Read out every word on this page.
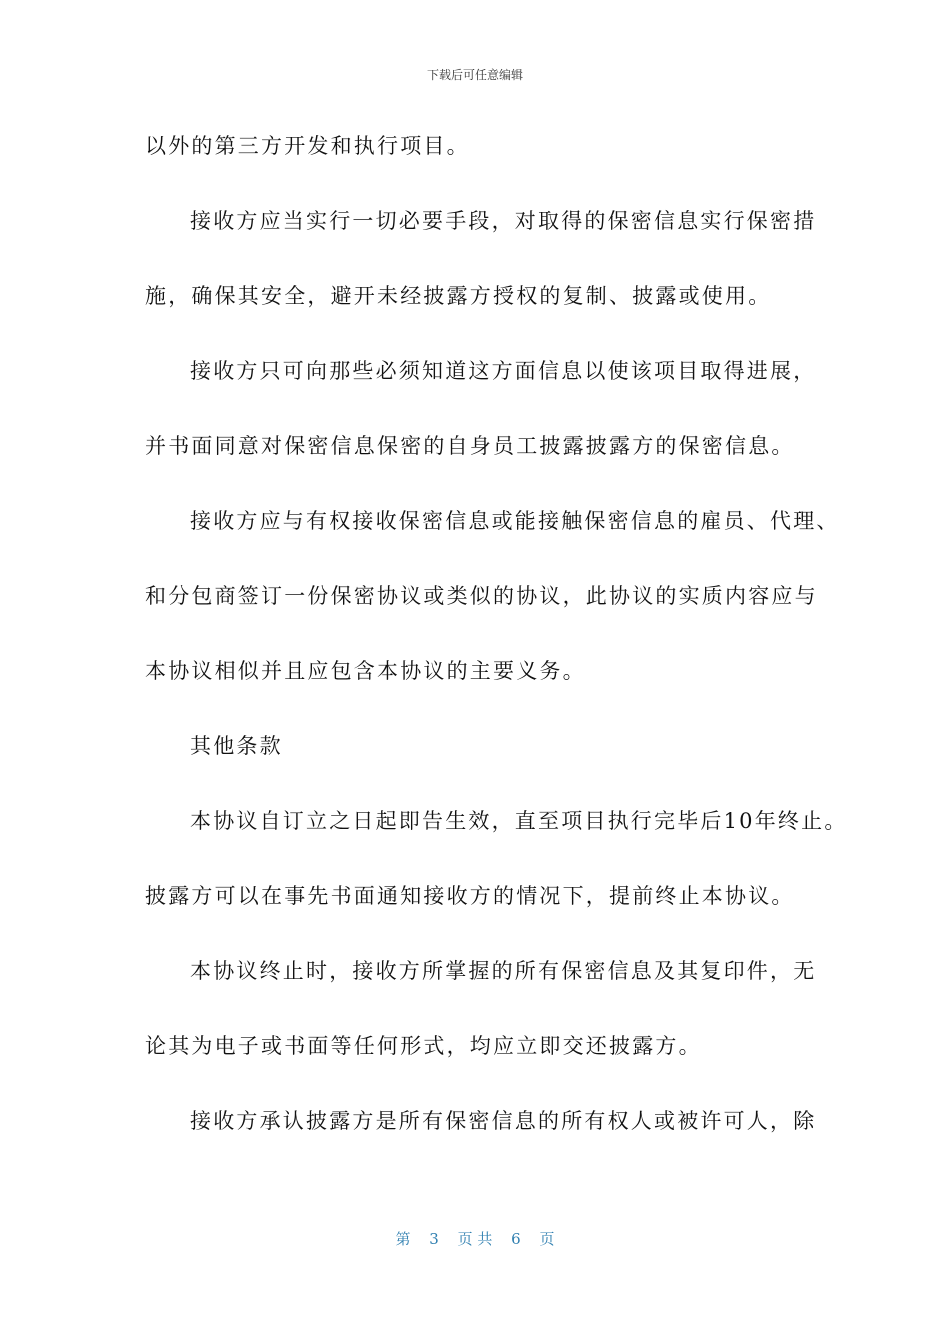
下载后可任意编辑
以外的第三方开发和执行项目。
接收方应当实行一切必要手段，对取得的保密信息实行保密措
施，确保其安全，避开未经披露方授权的复制、披露或使用。
接收方只可向那些必须知道这方面信息以使该项目取得进展，
并书面同意对保密信息保密的自身员工披露披露方的保密信息。
接收方应与有权接收保密信息或能接触保密信息的雇员、代理、
和分包商签订一份保密协议或类似的协议，此协议的实质内容应与
本协议相似并且应包含本协议的主要义务。
其他条款
本协议自订立之日起即告生效，直至项目执行完毕后10年终止。
披露方可以在事先书面通知接收方的情况下，提前终止本协议。
本协议终止时，接收方所掌握的所有保密信息及其复印件，无
论其为电子或书面等任何形式，均应立即交还披露方。
接收方承认披露方是所有保密信息的所有权人或被许可人，除
第 3 页 共 6 页
